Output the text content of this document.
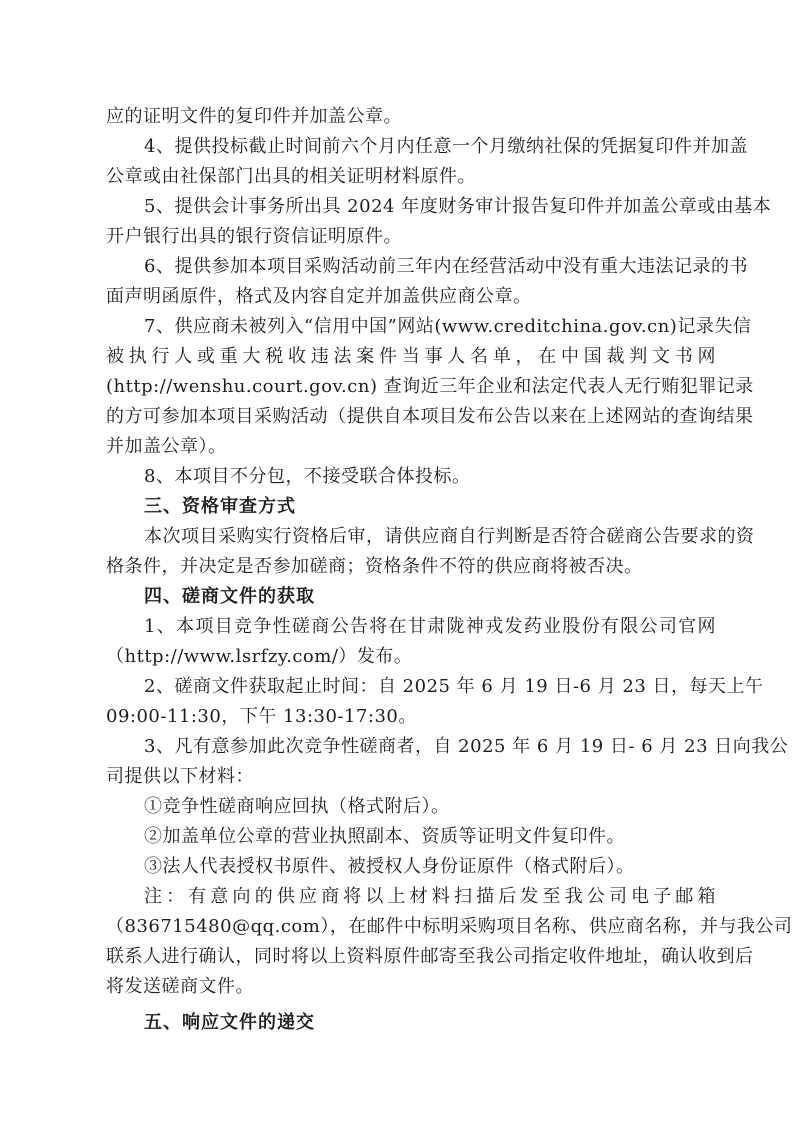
应的证明文件的复印件并加盖公章。
4、提供投标截止时间前六个月内任意一个月缴纳社保的凭据复印件并加盖
公章或由社保部门出具的相关证明材料原件。
5、提供会计事务所出具 2024 年度财务审计报告复印件并加盖公章或由基本
开户银行出具的银行资信证明原件。
6、提供参加本项目采购活动前三年内在经营活动中没有重大违法记录的书
面声明函原件，格式及内容自定并加盖供应商公章。
7、供应商未被列入“信用中国”网站(www.creditchina.gov.cn)记录失信
被执行人或重大税收违法案件当事人名单，在中国裁判文书网
(http://wenshu.court.gov.cn) 查询近三年企业和法定代表人无行贿犯罪记录
的方可参加本项目采购活动（提供自本项目发布公告以来在上述网站的查询结果
并加盖公章）。
8、本项目不分包，不接受联合体投标。
三、资格审查方式
本次项目采购实行资格后审，请供应商自行判断是否符合磋商公告要求的资
格条件，并决定是否参加磋商；资格条件不符的供应商将被否决。
四、磋商文件的获取
1、本项目竞争性磋商公告将在甘肃陇神戎发药业股份有限公司官网
（http://www.lsrfzy.com/）发布。
2、磋商文件获取起止时间：自 2025 年 6 月 19 日-6 月 23 日，每天上午
09:00-11:30，下午 13:30-17:30。
3、凡有意参加此次竞争性磋商者，自 2025 年 6 月 19 日- 6 月 23 日向我公
司提供以下材料：
①竞争性磋商响应回执（格式附后）。
②加盖单位公章的营业执照副本、资质等证明文件复印件。
③法人代表授权书原件、被授权人身份证原件（格式附后）。
注：有意向的供应商将以上材料扫描后发至我公司电子邮箱
（836715480@qq.com），在邮件中标明采购项目名称、供应商名称，并与我公司
联系人进行确认，同时将以上资料原件邮寄至我公司指定收件地址，确认收到后
将发送磋商文件。
五、响应文件的递交
